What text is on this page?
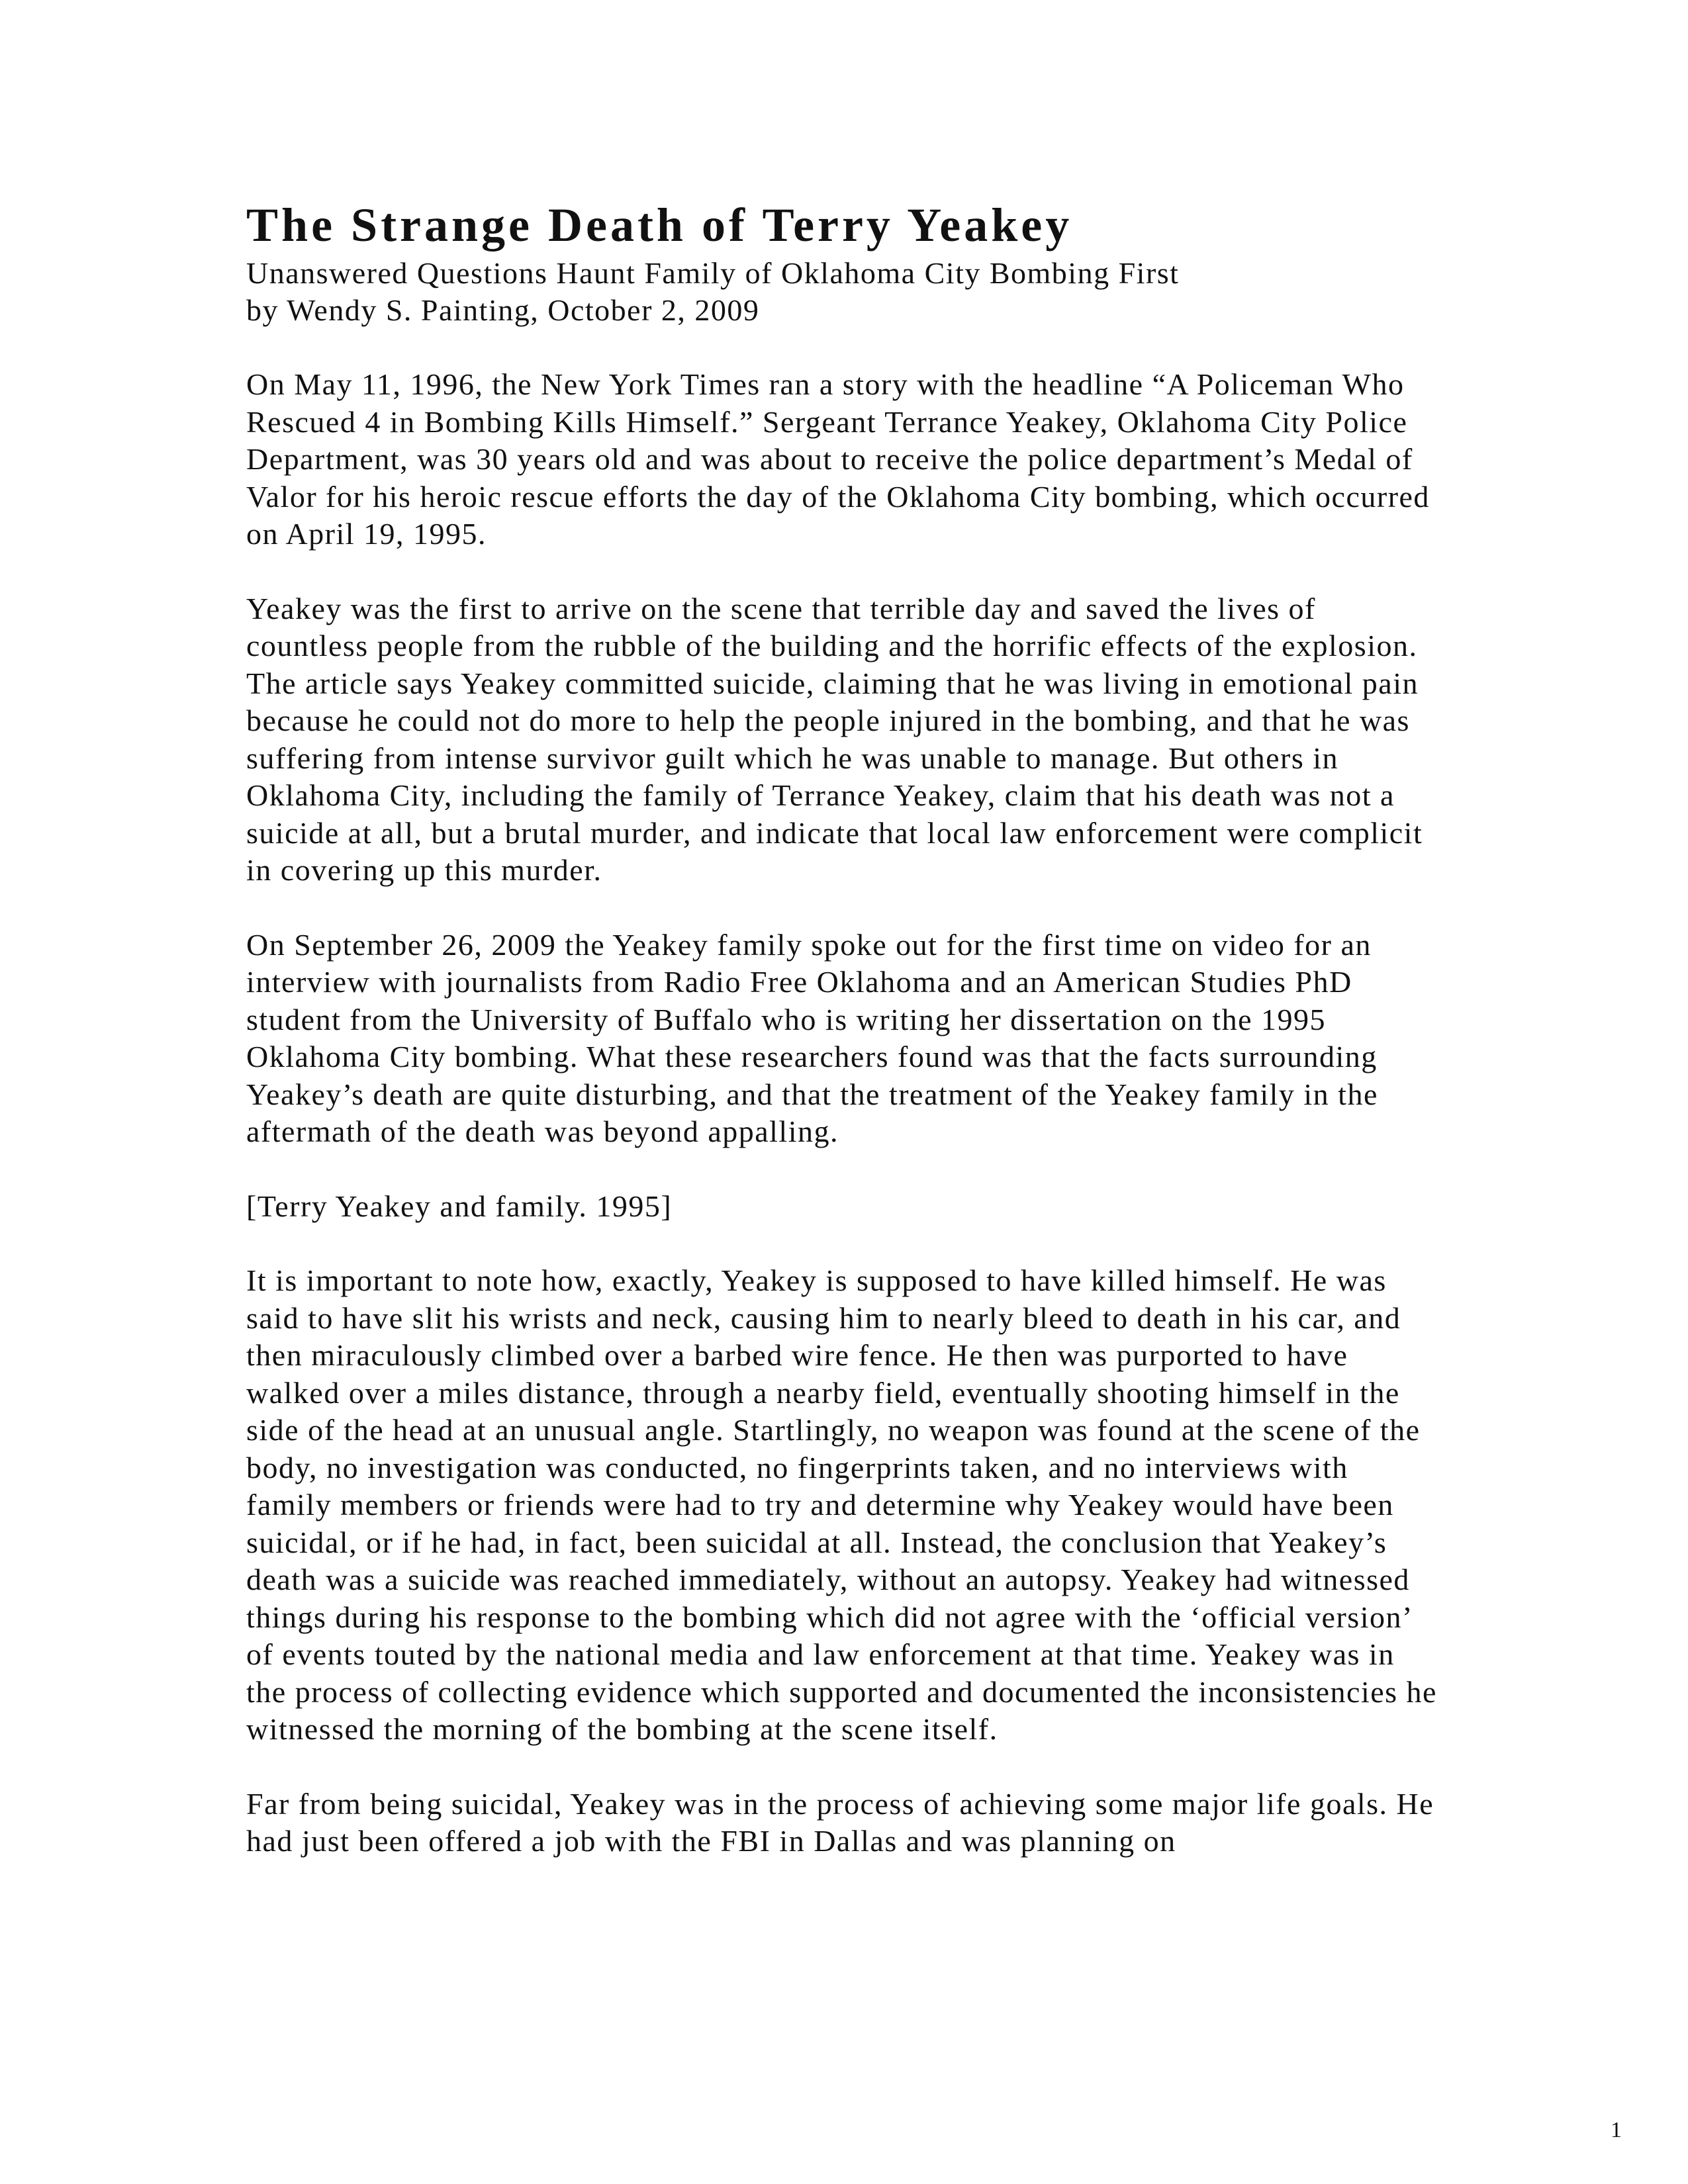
The Strange Death of Terry Yeakey

Unanswered Questions Haunt Family of Oklahoma City Bombing First

by Wendy S. Painting, October 2, 2009

On May 11, 1996, the New York Times ran a story with the headline “A Policeman Who Rescued 4 in Bombing Kills Himself.” Sergeant Terrance Yeakey, Oklahoma City Police Department, was 30 years old and was about to receive the police department’s Medal of Valor for his heroic rescue efforts the day of the Oklahoma City bombing, which occurred on April 19, 1995.

Yeakey was the first to arrive on the scene that terrible day and saved the lives of countless people from the rubble of the building and the horrific effects of the explosion. The article says Yeakey committed suicide, claiming that he was living in emotional pain because he could not do more to help the people injured in the bombing, and that he was suffering from intense survivor guilt which he was unable to manage. But others in Oklahoma City, including the family of Terrance Yeakey, claim that his death was not a suicide at all, but a brutal murder, and indicate that local law enforcement were complicit in covering up this murder.

On September 26, 2009 the Yeakey family spoke out for the first time on video for an interview with journalists from Radio Free Oklahoma and an American Studies PhD student from the University of Buffalo who is writing her dissertation on the 1995 Oklahoma City bombing. What these researchers found was that the facts surrounding Yeakey’s death are quite disturbing, and that the treatment of the Yeakey family in the aftermath of the death was beyond appalling.

[Terry Yeakey and family. 1995]

It is important to note how, exactly, Yeakey is supposed to have killed himself. He was said to have slit his wrists and neck, causing him to nearly bleed to death in his car, and then miraculously climbed over a barbed wire fence. He then was purported to have walked over a miles distance, through a nearby field, eventually shooting himself in the side of the head at an unusual angle. Startlingly, no weapon was found at the scene of the body, no investigation was conducted, no fingerprints taken, and no interviews with family members or friends were had to try and determine why Yeakey would have been suicidal, or if he had, in fact, been suicidal at all. Instead, the conclusion that Yeakey’s death was a suicide was reached immediately, without an autopsy. Yeakey had witnessed things during his response to the bombing which did not agree with the ‘official version’ of events touted by the national media and law enforcement at that time. Yeakey was in the process of collecting evidence which supported and documented the inconsistencies he witnessed the morning of the bombing at the scene itself.

Far from being suicidal, Yeakey was in the process of achieving some major life goals. He had just been offered a job with the FBI in Dallas and was planning on

1
